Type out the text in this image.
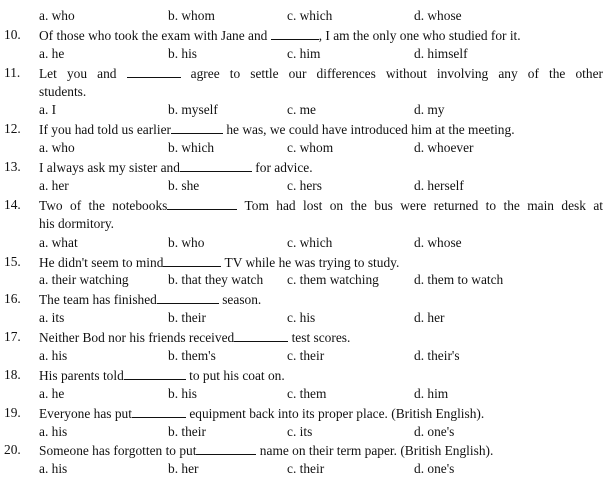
a. who	b. whom	c. which	d. whose
10.	Of those who took the exam with Jane and	, I am the only one who studied for it.
a. he	b. his	c. him	d. himself
11.	Let you and	agree to settle our differences without involving any of the other
students.
a. I	b. myself	c. me	d. my
12.	If you had told us earlier	he was, we could have introduced him at the meeting.
a. who	b. which	c. whom	d. whoever
13.	I always ask my sister and	for advice.
a. her	b. she	c. hers	d. herself
14.	Two of the notebooks	Tom had lost on the bus were returned to the main desk at
his dormitory.
a. what	b. who	c. which	d. whose
15.	He didn't seem to mind	TV while he was trying to study.
a. their watching	b. that they watch c. them watching	d. them to watch
16.	The team has finished	season.
a. its	b. their	c. his	d. her
17.	Neither Bod nor his friends received	test scores.
a. his	b. them's	c. their	d. their's
18.	His parents told	to put his coat on.
a. he	b. his	c. them	d. him
19.	Everyone has put	equipment back into its proper place. (British English).
a. his	b. their	c. its	d. one's
20.	Someone has forgotten to put	name on their term paper. (British English).
a. his	b. her	c. their	d. one's
